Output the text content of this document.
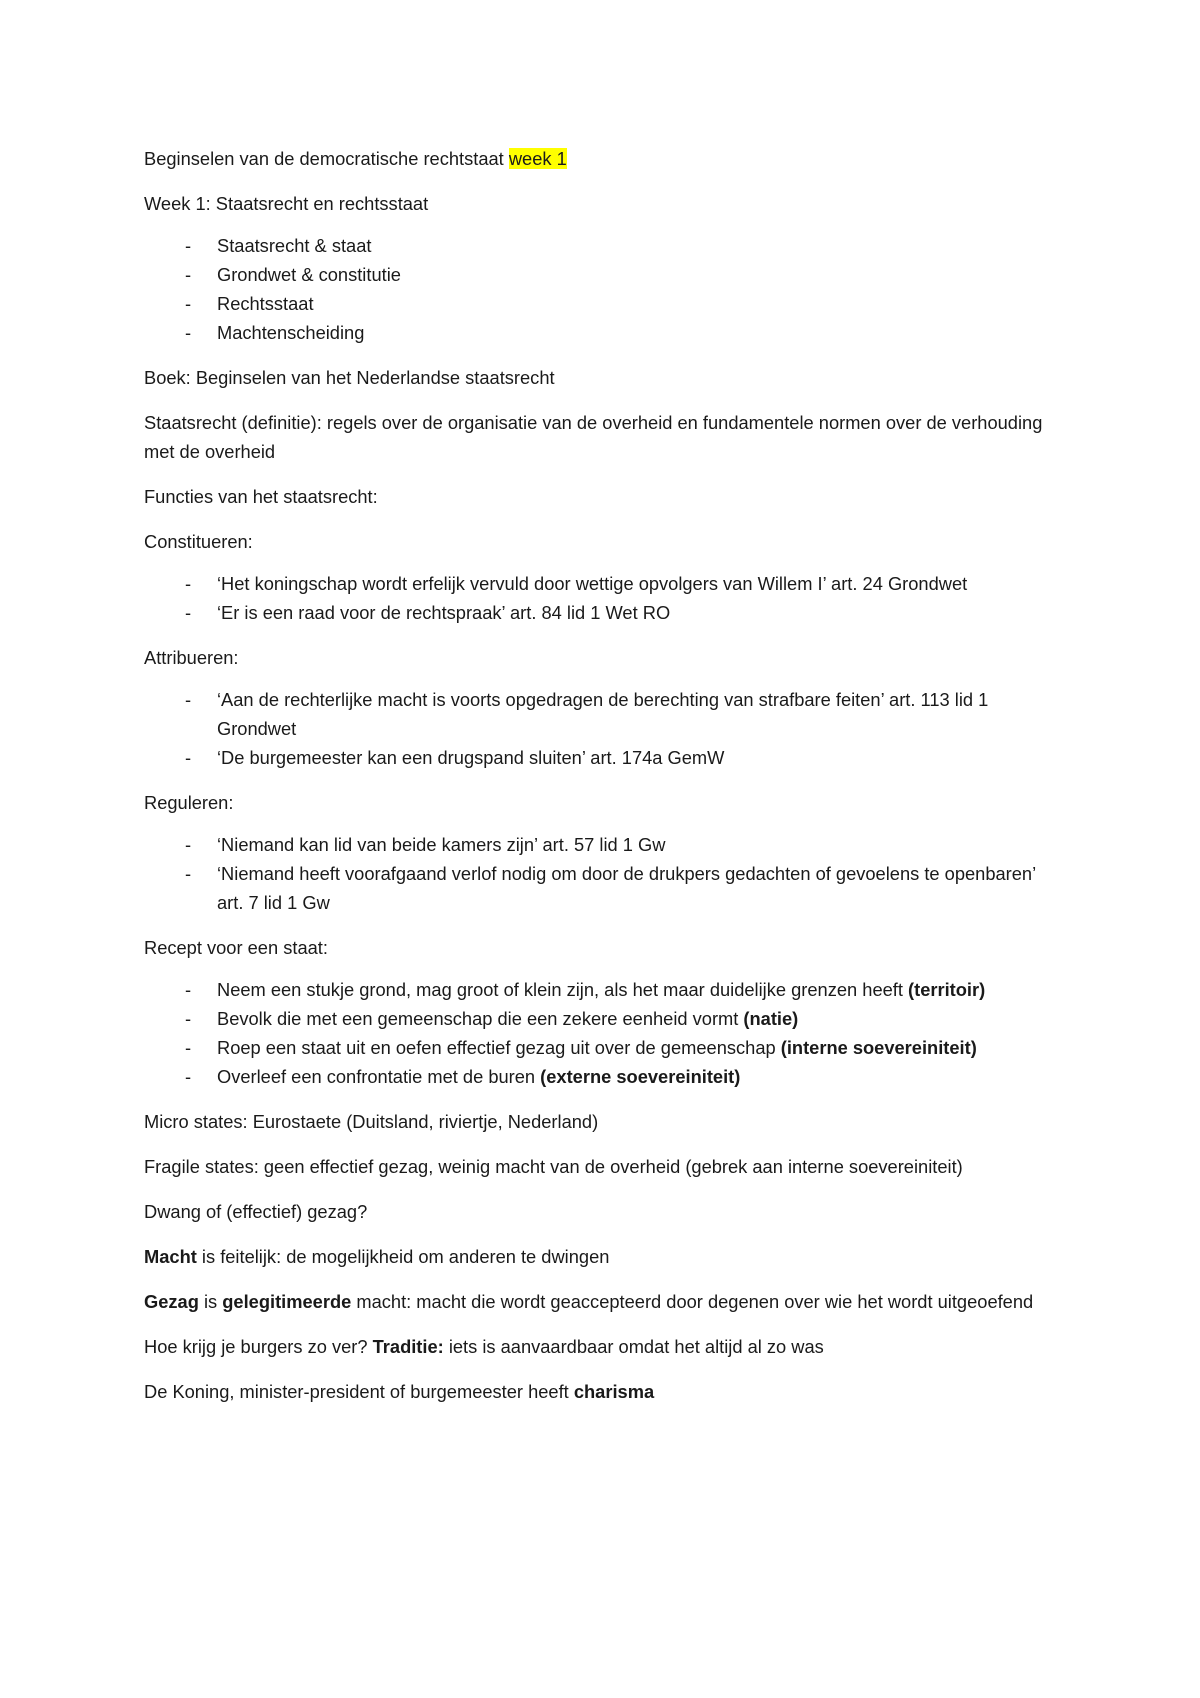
Beginselen van de democratische rechtstaat week 1

Week 1: Staatsrecht en rechtsstaat

- Staatsrecht & staat
- Grondwet & constitutie
- Rechtsstaat
- Machtenscheiding

Boek: Beginselen van het Nederlandse staatsrecht

Staatsrecht (definitie): regels over de organisatie van de overheid en fundamentele normen over de verhouding met de overheid

Functies van het staatsrecht:

Constitueren:

- ‘Het koningschap wordt erfelijk vervuld door wettige opvolgers van Willem I’ art. 24 Grondwet
- ‘Er is een raad voor de rechtspraak’ art. 84 lid 1 Wet RO

Attribueren:

- ‘Aan de rechterlijke macht is voorts opgedragen de berechting van strafbare feiten’ art. 113 lid 1 Grondwet
- ‘De burgemeester kan een drugspand sluiten’ art. 174a GemW

Reguleren:

- ‘Niemand kan lid van beide kamers zijn’ art. 57 lid 1 Gw
- ‘Niemand heeft voorafgaand verlof nodig om door de drukpers gedachten of gevoelens te openbaren’ art. 7 lid 1 Gw

Recept voor een staat:

- Neem een stukje grond, mag groot of klein zijn, als het maar duidelijke grenzen heeft (territoir)
- Bevolk die met een gemeenschap die een zekere eenheid vormt (natie)
- Roep een staat uit en oefen effectief gezag uit over de gemeenschap (interne soevereiniteit)
- Overleef een confrontatie met de buren (externe soevereiniteit)

Micro states: Eurostaete (Duitsland, riviertje, Nederland)

Fragile states: geen effectief gezag, weinig macht van de overheid (gebrek aan interne soevereiniteit)

Dwang of (effectief) gezag?

Macht is feitelijk: de mogelijkheid om anderen te dwingen

Gezag is gelegitimeerde macht: macht die wordt geaccepteerd door degenen over wie het wordt uitgeoefend

Hoe krijg je burgers zo ver? Traditie: iets is aanvaardbaar omdat het altijd al zo was

De Koning, minister-president of burgemeester heeft charisma
